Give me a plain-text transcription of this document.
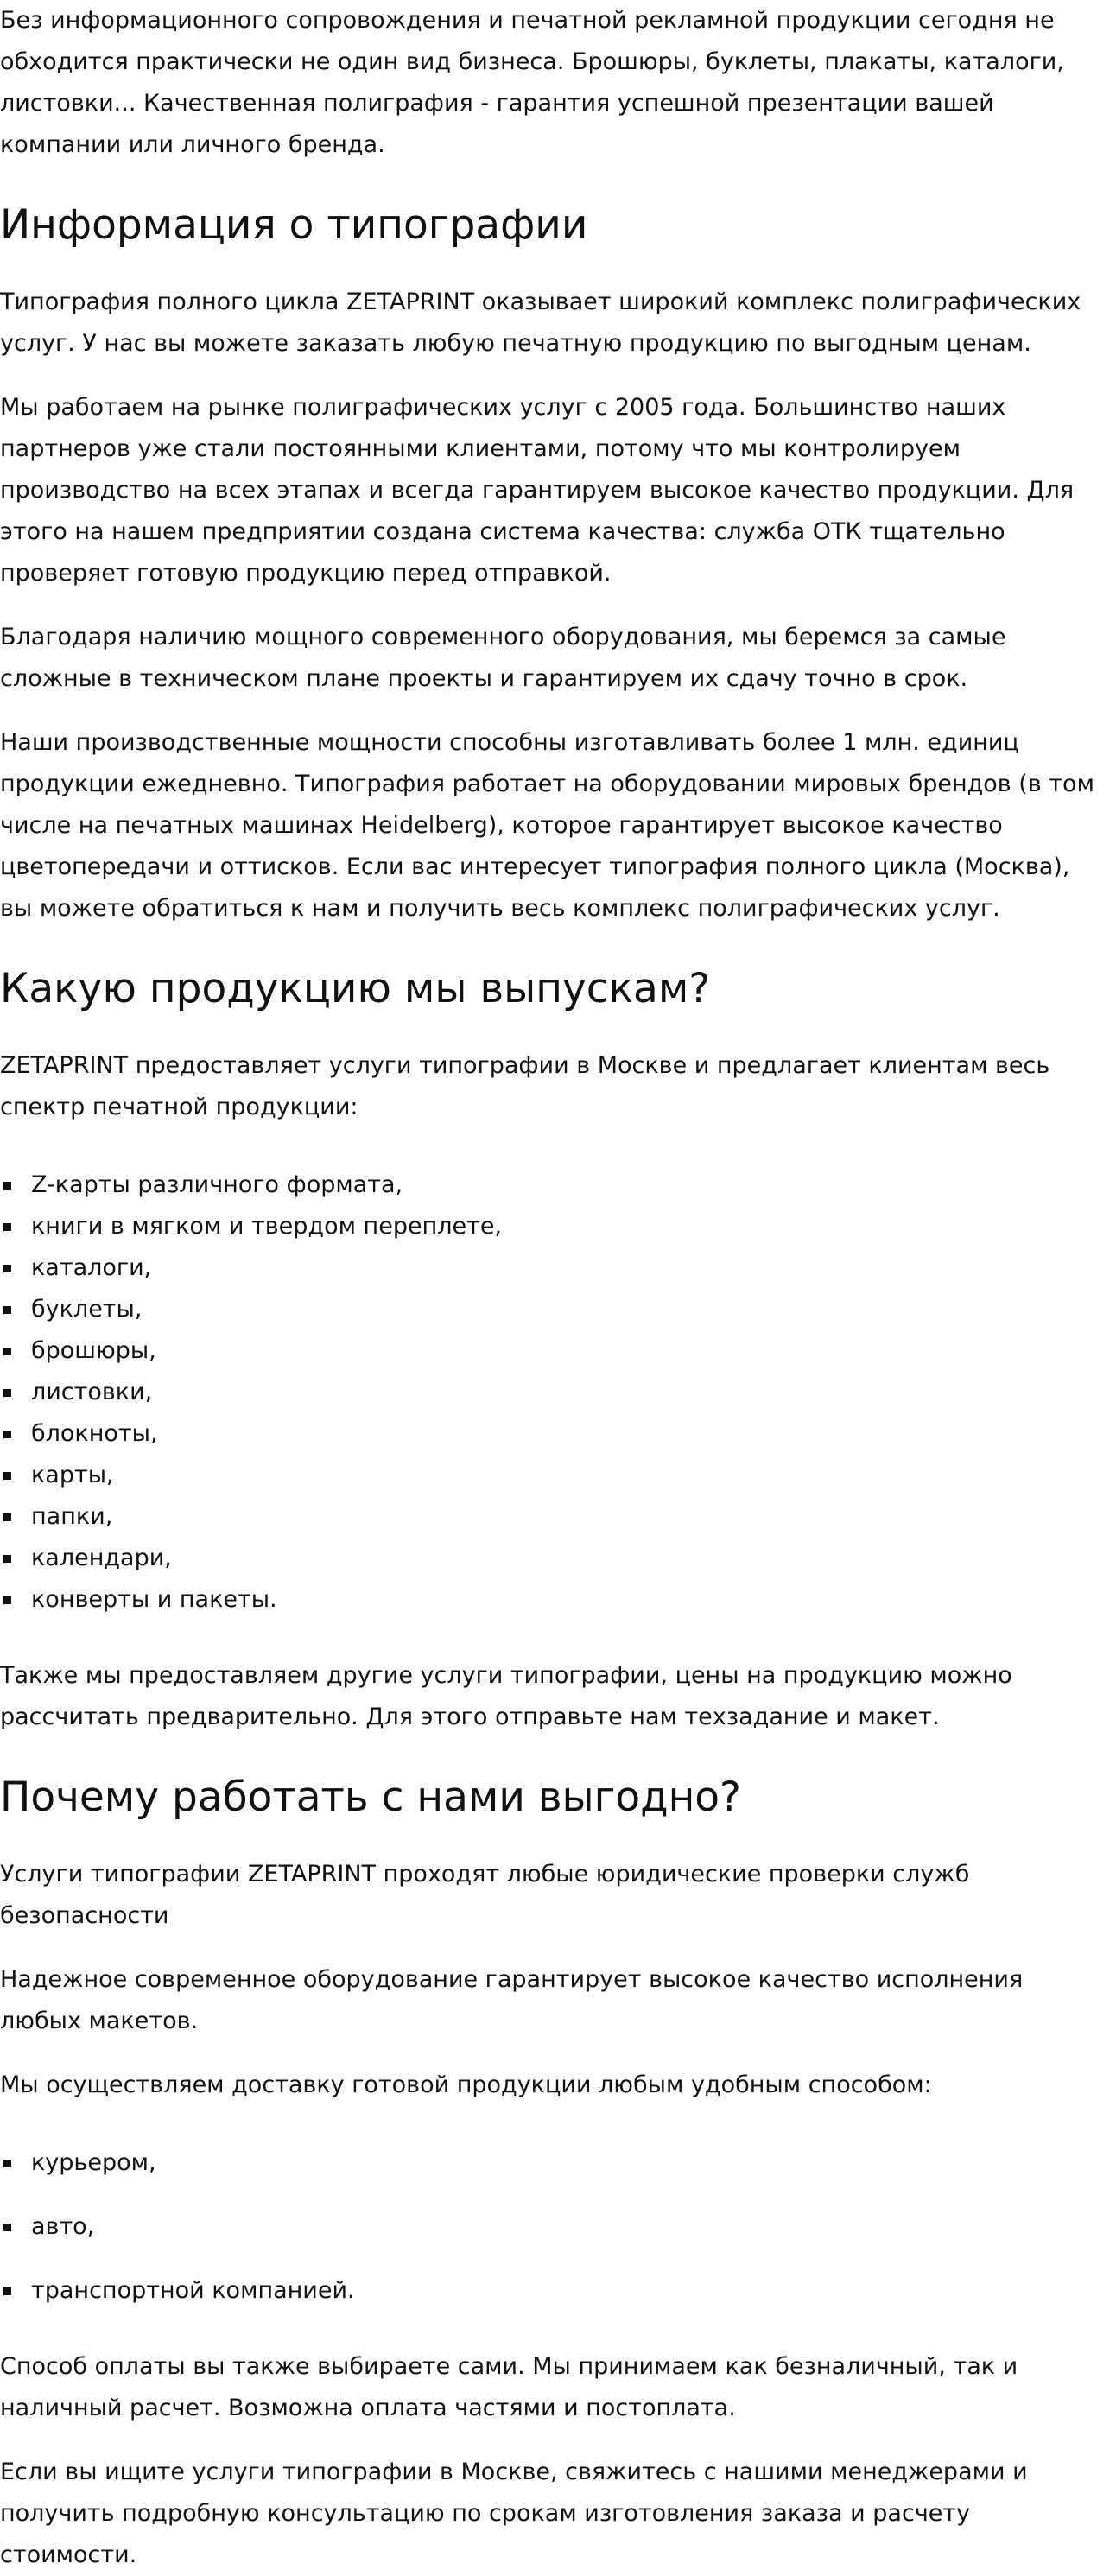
Без информационного сопровождения и печатной рекламной продукции сегодня не обходится практически не один вид бизнеса. Брошюры, буклеты, плакаты, каталоги, листовки... Качественная полиграфия - гарантия успешной презентации вашей компании или личного бренда.

Информация о типографии

Типография полного цикла ZETAPRINT оказывает широкий комплекс полиграфических услуг. У нас вы можете заказать любую печатную продукцию по выгодным ценам.

Мы работаем на рынке полиграфических услуг с 2005 года. Большинство наших партнеров уже стали постоянными клиентами, потому что мы контролируем производство на всех этапах и всегда гарантируем высокое качество продукции. Для этого на нашем предприятии создана система качества: служба ОТК тщательно проверяет готовую продукцию перед отправкой.

Благодаря наличию мощного современного оборудования, мы беремся за самые сложные в техническом плане проекты и гарантируем их сдачу точно в срок.

Наши производственные мощности способны изготавливать более 1 млн. единиц продукции ежедневно. Типография работает на оборудовании мировых брендов (в том числе на печатных машинах Heidelberg), которое гарантирует высокое качество цветопередачи и оттисков. Если вас интересует типография полного цикла (Москва), вы можете обратиться к нам и получить весь комплекс полиграфических услуг.

Какую продукцию мы выпускам?

ZETAPRINT предоставляет услуги типографии в Москве и предлагает клиентам весь спектр печатной продукции:

Z-карты различного формата,
книги в мягком и твердом переплете,
каталоги,
буклеты,
брошюры,
листовки,
блокноты,
карты,
папки,
календари,
конверты и пакеты.

Также мы предоставляем другие услуги типографии, цены на продукцию можно рассчитать предварительно. Для этого отправьте нам техзадание и макет.

Почему работать с нами выгодно?

Услуги типографии ZETAPRINT проходят любые юридические проверки служб безопасности

Надежное современное оборудование гарантирует высокое качество исполнения любых макетов.

Мы осуществляем доставку готовой продукции любым удобным способом:

курьером,
авто,
транспортной компанией.

Способ оплаты вы также выбираете сами. Мы принимаем как безналичный, так и наличный расчет. Возможна оплата частями и постоплата.

Если вы ищите услуги типографии в Москве, свяжитесь с нашими менеджерами и получить подробную консультацию по срокам изготовления заказа и расчету стоимости.
